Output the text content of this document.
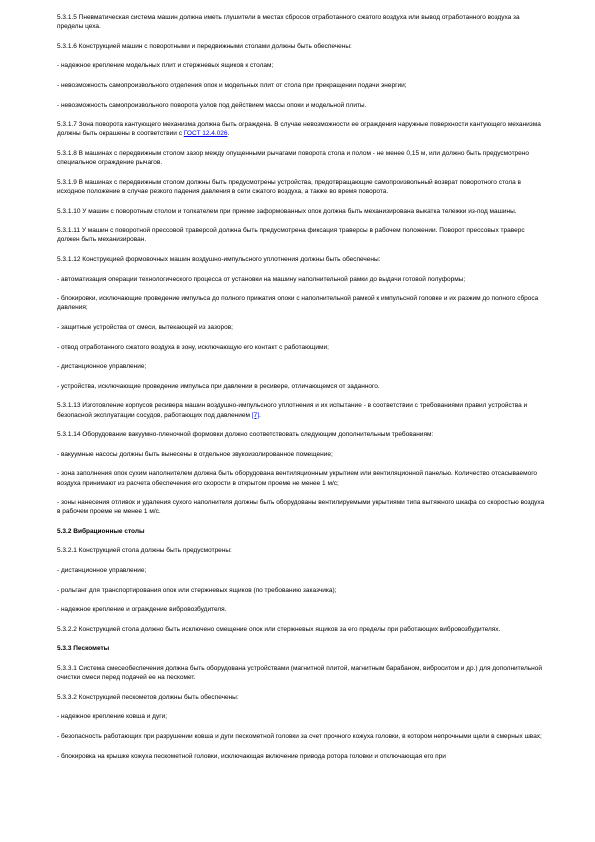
5.3.1.5 Пневматическая система машин должна иметь глушители в местах сбросов отработанного сжатого воздуха или вывод отработанного воздуха за пределы цеха.

5.3.1.6 Конструкцией машин с поворотными и передвижными столами должны быть обеспечены:

- надежное крепление модельных плит и стержневых ящиков к столам;

- невозможность самопроизвольного отделения опок и модельных плит от стола при прекращении подачи энергии;

- невозможность самопроизвольного поворота узлов под действием массы опоки и модельной плиты.

5.3.1.7 Зона поворота кантующего механизма должна быть ограждена. В случае невозможности ее ограждения наружные поверхности кантующего механизма должны быть окрашены в соответствии с ГОСТ 12.4.026.

5.3.1.8 В машинах с передвижным столом зазор между опущенными рычагами поворота стола и полом - не менее 0,15 м, или должно быть предусмотрено специальное ограждение рычагов.

5.3.1.9 В машинах с передвижным столом должны быть предусмотрены устройства, предотвращающие самопроизвольный возврат поворотного стола в исходное положение в случае резкого падения давления в сети сжатого воздуха, а также во время поворота.

5.3.1.10 У машин с поворотным столом и толкателем при приеме заформованных опок должна быть механизирована выкатка тележки из-под машины.

5.3.1.11 У машин с поворотной прессовой траверсой должна быть предусмотрена фиксация траверсы в рабочем положении. Поворот прессовых траверс должен быть механизирован.

5.3.1.12 Конструкцией формовочных машин воздушно-импульсного уплотнения должны быть обеспечены:

- автоматизация операции технологического процесса от установки на машину наполнительной рамки до выдачи готовой полуформы;

- блокировки, исключающие проведение импульса до полного прижатия опоки с наполнительной рамкой к импульсной головке и их разжим до полного сброса давления;

- защитные устройства от смеси, вытекающей из зазоров;

- отвод отработанного сжатого воздуха в зону, исключающую его контакт с работающими;

- дистанционное управление;

- устройства, исключающие проведение импульса при давлении в ресивере, отличающемся от заданного.

5.3.1.13 Изготовление корпусов ресивера машин воздушно-импульсного уплотнения и их испытание - в соответствии с требованиями правил устройства и безопасной эксплуатации сосудов, работающих под давлением [7].

5.3.1.14 Оборудование вакуумно-пленочной формовки должно соответствовать следующим дополнительным требованиям:

- вакуумные насосы должны быть вынесены в отдельное звукоизолированное помещение;

- зона заполнения опок сухим наполнителем должна быть оборудована вентиляционным укрытием или вентиляционной панелью. Количество отсасываемого воздуха принимают из расчета обеспечения его скорости в открытом проеме не менее 1 м/с;

- зоны нанесения отливок и удаления сухого наполнителя должны быть оборудованы вентилируемыми укрытиями типа вытяжного шкафа со скоростью воздуха в рабочем проеме не менее 1 м/с.

5.3.2 Вибрационные столы

5.3.2.1 Конструкцией стола должны быть предусмотрены:

- дистанционное управление;

- рольганг для транспортирования опок или стержневых ящиков (по требованию заказчика);

- надежное крепление и ограждение вибровозбудителя.

5.3.2.2 Конструкцией стола должно быть исключено смещение опок или стержневых ящиков за его пределы при работающих вибровозбудителях.

5.3.3 Пескометы

5.3.3.1 Система смесеобеспечения должна быть оборудована устройствами (магнитной плитой, магнитным барабаном, виброситом и др.) для дополнительной очистки смеси перед подачей ее на пескомет.

5.3.3.2 Конструкцией пескометов должны быть обеспечены:

- надежное крепление ковша и дуги;

- безопасность работающих при разрушении ковша и дуги пескометной головки за счет прочного кожуха головки, в котором непрочными щели в смерных швах;

- блокировка на крышке кожуха пескометной головки, исключающая включение привода ротора головки и отключающая его при
